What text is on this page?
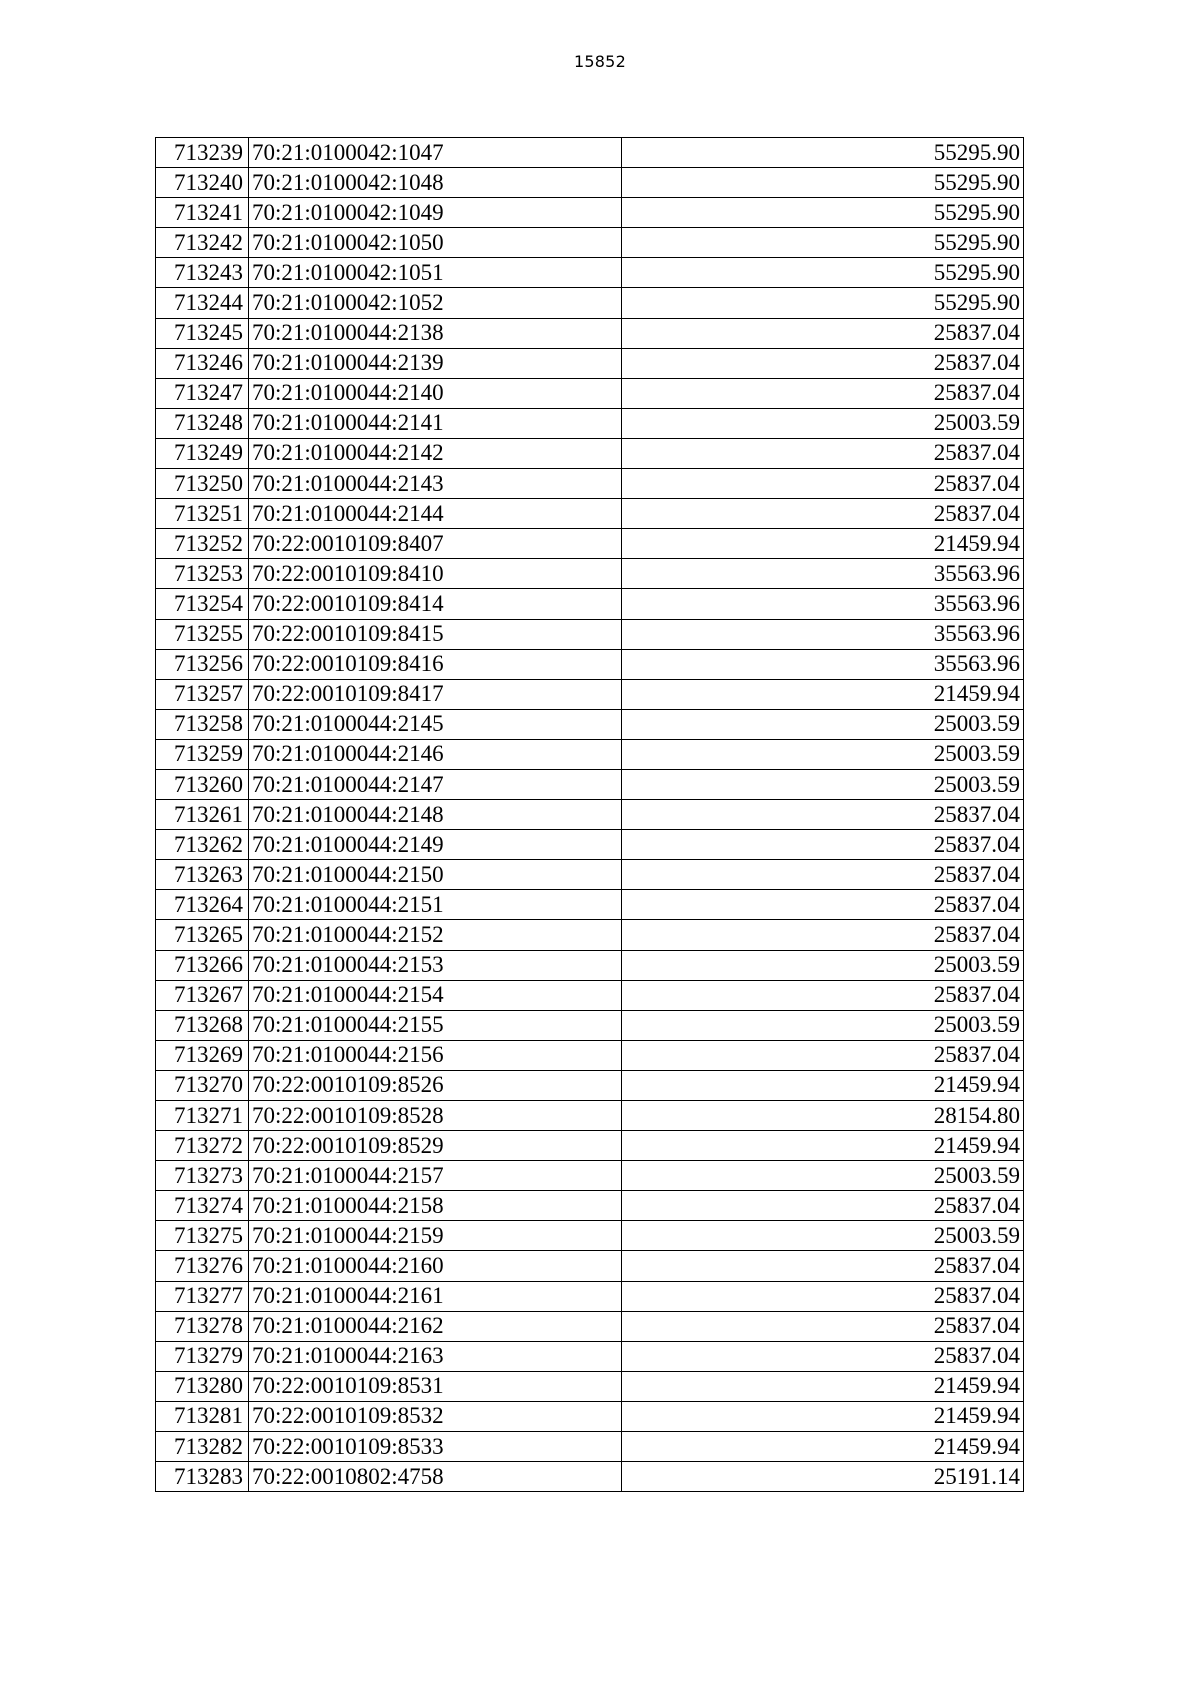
15852
713239	70:21:0100042:1047	55295.90
713240	70:21:0100042:1048	55295.90
713241	70:21:0100042:1049	55295.90
713242	70:21:0100042:1050	55295.90
713243	70:21:0100042:1051	55295.90
713244	70:21:0100042:1052	55295.90
713245	70:21:0100044:2138	25837.04
713246	70:21:0100044:2139	25837.04
713247	70:21:0100044:2140	25837.04
713248	70:21:0100044:2141	25003.59
713249	70:21:0100044:2142	25837.04
713250	70:21:0100044:2143	25837.04
713251	70:21:0100044:2144	25837.04
713252	70:22:0010109:8407	21459.94
713253	70:22:0010109:8410	35563.96
713254	70:22:0010109:8414	35563.96
713255	70:22:0010109:8415	35563.96
713256	70:22:0010109:8416	35563.96
713257	70:22:0010109:8417	21459.94
713258	70:21:0100044:2145	25003.59
713259	70:21:0100044:2146	25003.59
713260	70:21:0100044:2147	25003.59
713261	70:21:0100044:2148	25837.04
713262	70:21:0100044:2149	25837.04
713263	70:21:0100044:2150	25837.04
713264	70:21:0100044:2151	25837.04
713265	70:21:0100044:2152	25837.04
713266	70:21:0100044:2153	25003.59
713267	70:21:0100044:2154	25837.04
713268	70:21:0100044:2155	25003.59
713269	70:21:0100044:2156	25837.04
713270	70:22:0010109:8526	21459.94
713271	70:22:0010109:8528	28154.80
713272	70:22:0010109:8529	21459.94
713273	70:21:0100044:2157	25003.59
713274	70:21:0100044:2158	25837.04
713275	70:21:0100044:2159	25003.59
713276	70:21:0100044:2160	25837.04
713277	70:21:0100044:2161	25837.04
713278	70:21:0100044:2162	25837.04
713279	70:21:0100044:2163	25837.04
713280	70:22:0010109:8531	21459.94
713281	70:22:0010109:8532	21459.94
713282	70:22:0010109:8533	21459.94
713283	70:22:0010802:4758	25191.14
